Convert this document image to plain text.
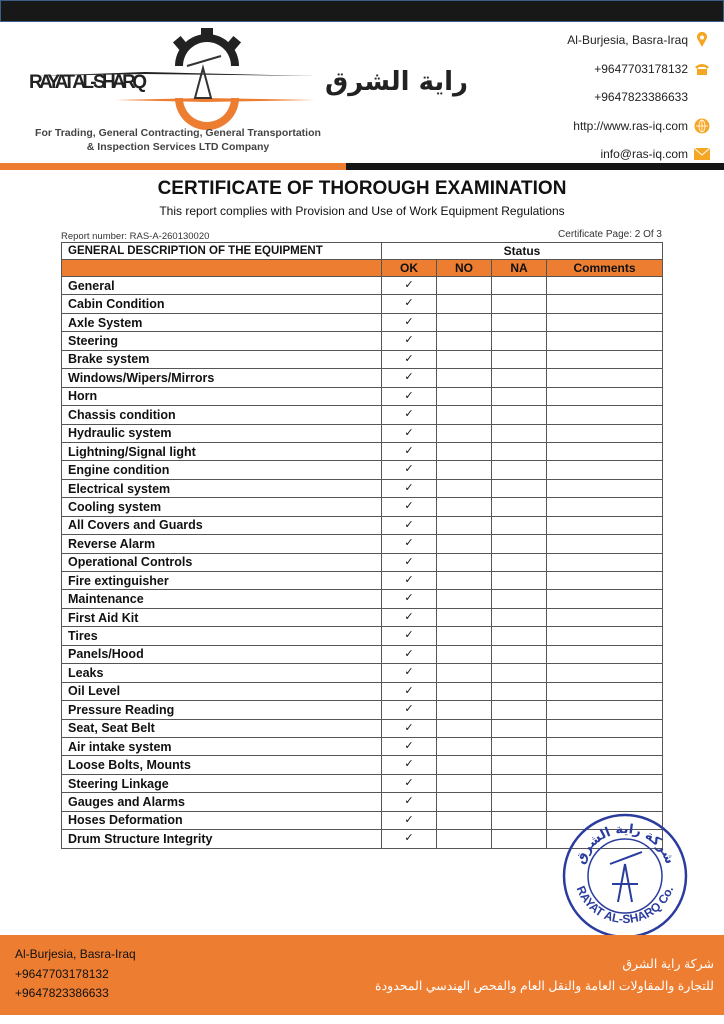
RAYAT AL-SHARQ	راية الشرق
For Trading, General Contracting, General Transportation
& Inspection Services LTD Company
Al-Burjesia, Basra-Iraq
+9647703178132
+9647823386633
http://www.ras-iq.com
info@ras-iq.com
CERTIFICATE OF THOROUGH EXAMINATION
This report complies with Provision and Use of Work Equipment Regulations
Report number: RAS-A-260130020	Certificate Page: 2 Of 3
GENERAL DESCRIPTION OF THE EQUIPMENT	Status			
	OK	NO	NA	Comments
General	✓			
Cabin Condition	✓			
Axle System	✓			
Steering	✓			
Brake system	✓			
Windows/Wipers/Mirrors	✓			
Horn	✓			
Chassis condition	✓			
Hydraulic system	✓			
Lightning/Signal light	✓			
Engine condition	✓			
Electrical system	✓			
Cooling system	✓			
All Covers and Guards	✓			
Reverse Alarm	✓			
Operational Controls	✓			
Fire extinguisher	✓			
Maintenance	✓			
First Aid Kit	✓			
Tires	✓			
Panels/Hood	✓			
Leaks	✓			
Oil Level	✓			
Pressure Reading	✓			
Seat, Seat Belt	✓			
Air intake system	✓			
Loose Bolts, Mounts	✓			
Steering Linkage	✓			
Gauges and Alarms	✓			
Hoses Deformation	✓			
Drum Structure Integrity	✓			
شركة راية الشرق
RAYAT AL-SHARQ Co.
Al-Burjesia, Basra-Iraq
+9647703178132
+9647823386633
شركة راية الشرق
للتجارة والمقاولات العامة والنقل العام والفحص الهندسي المحدودة
